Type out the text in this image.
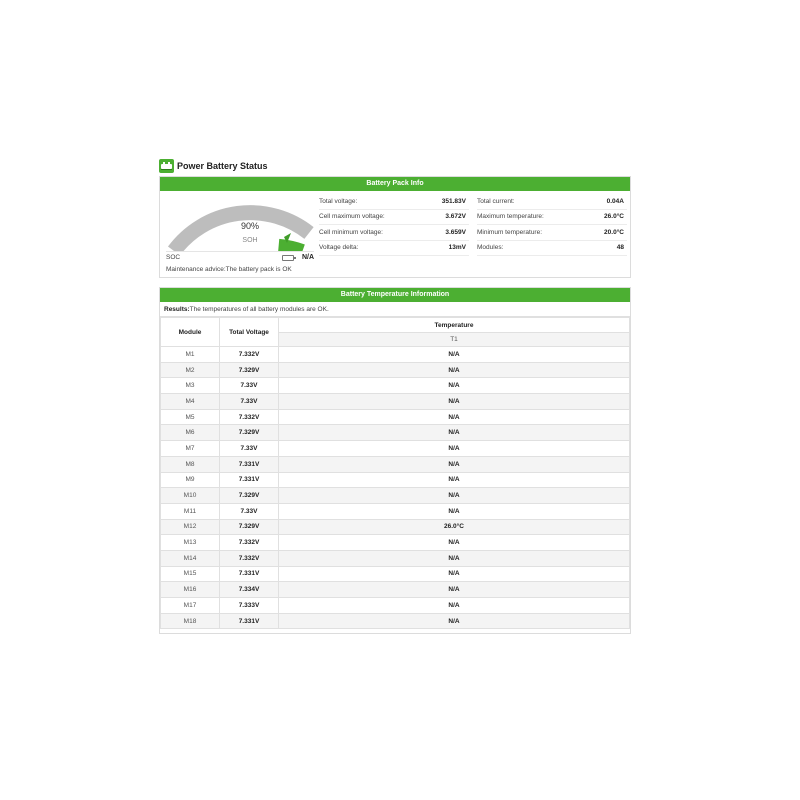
Power Battery Status
Battery Pack Info
90%
SOH
SOC	N/A
Maintenance advice:The battery pack is OK
Total voltage:	351.83V
Cell maximum voltage:	3.672V
Cell minimum voltage:	3.659V
Voltage delta:	13mV
Total current:	0.04A
Maximum temperature:	26.0°C
Minimum temperature:	20.0°C
Modules:	48
Battery Temperature Information
Results:The temperatures of all battery modules are OK.
Module	Total Voltage	Temperature
		T1
M1	7.332V	N/A
M2	7.329V	N/A
M3	7.33V	N/A
M4	7.33V	N/A
M5	7.332V	N/A
M6	7.329V	N/A
M7	7.33V	N/A
M8	7.331V	N/A
M9	7.331V	N/A
M10	7.329V	N/A
M11	7.33V	N/A
M12	7.329V	26.0°C
M13	7.332V	N/A
M14	7.332V	N/A
M15	7.331V	N/A
M16	7.334V	N/A
M17	7.333V	N/A
M18	7.331V	N/A
